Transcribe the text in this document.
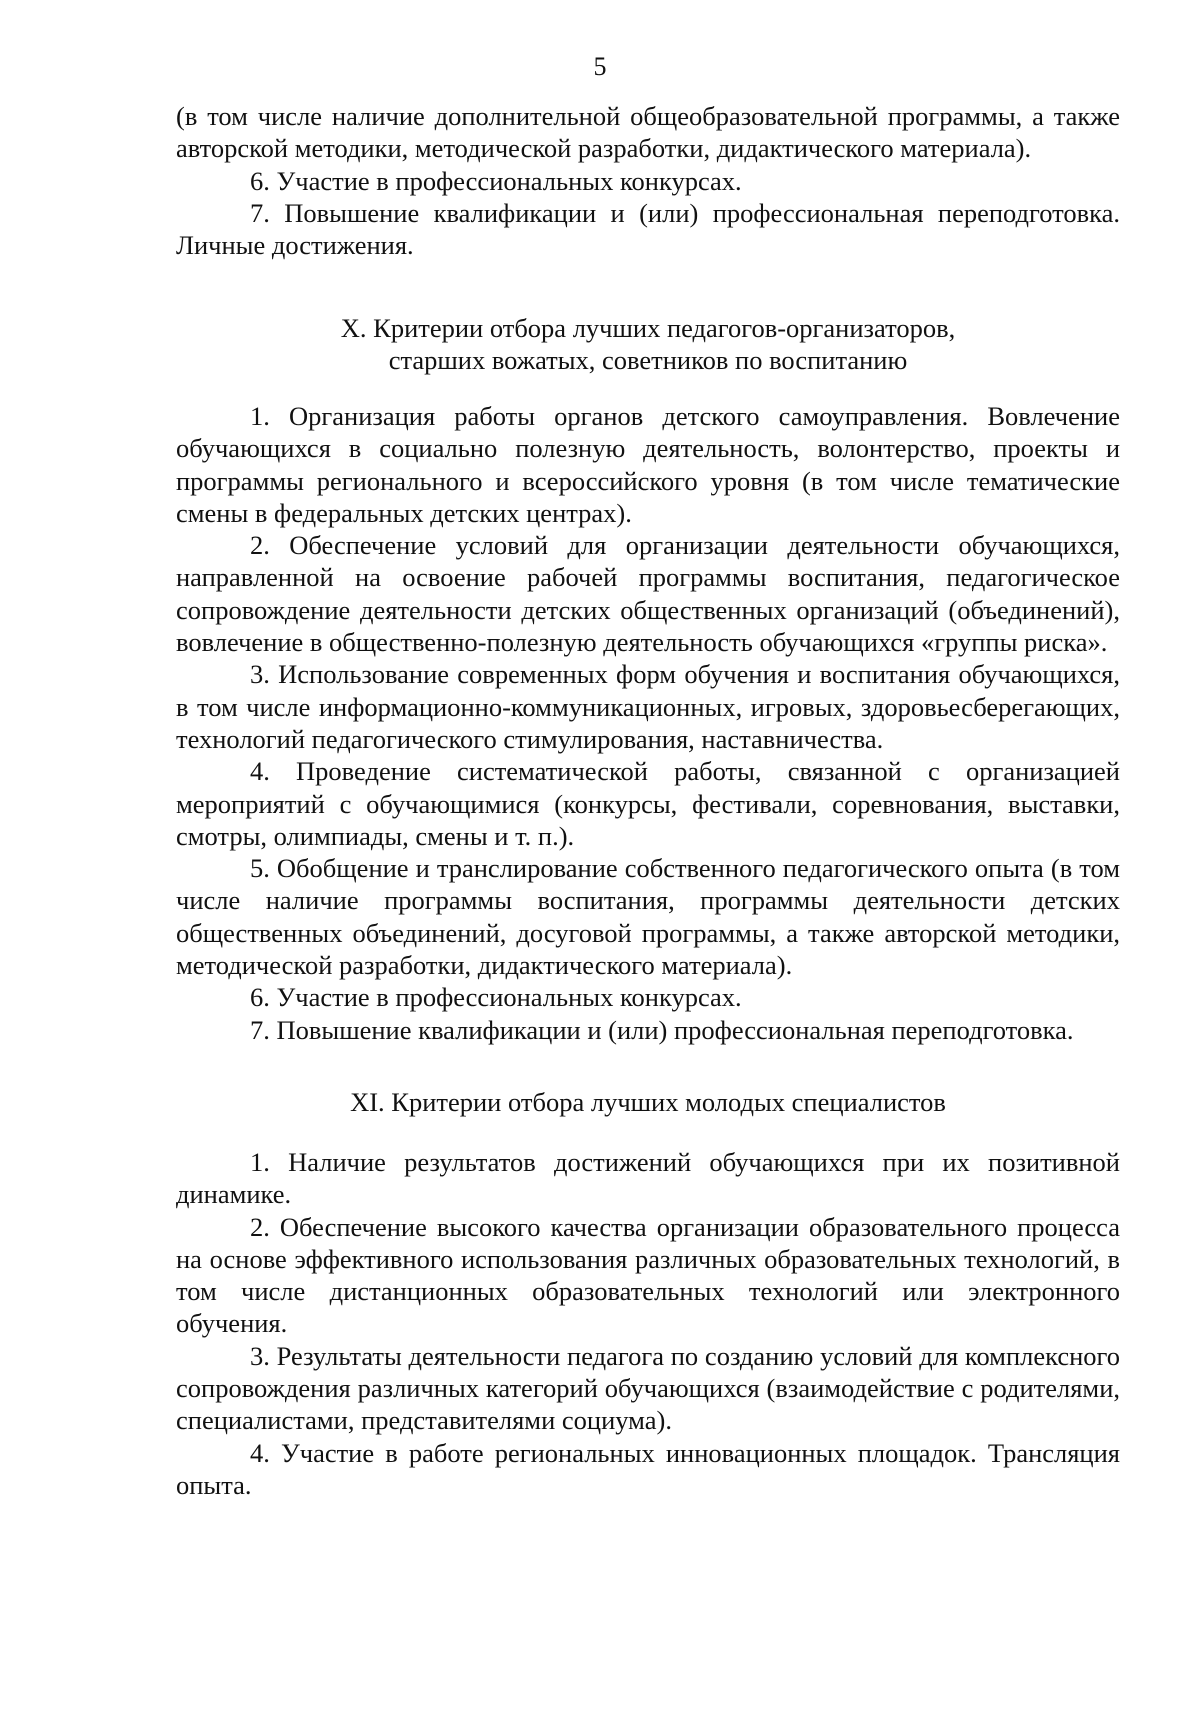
5

(в том числе наличие дополнительной общеобразовательной программы, а также авторской методики, методической разработки, дидактического материала).

6. Участие в профессиональных конкурсах.

7. Повышение квалификации и (или) профессиональная переподготовка. Личные достижения.

X. Критерии отбора лучших педагогов-организаторов,

старших вожатых, советников по воспитанию

1. Организация работы органов детского самоуправления. Вовлечение обучающихся в социально полезную деятельность, волонтерство, проекты и программы регионального и всероссийского уровня (в том числе тематические смены в федеральных детских центрах).

2. Обеспечение условий для организации деятельности обучающихся, направленной на освоение рабочей программы воспитания, педагогическое сопровождение деятельности детских общественных организаций (объединений), вовлечение в общественно-полезную деятельность обучающихся «группы риска».

3. Использование современных форм обучения и воспитания обучающихся, в том числе информационно-коммуникационных, игровых, здоровьесберегающих, технологий педагогического стимулирования, наставничества.

4. Проведение систематической работы, связанной с организацией мероприятий с обучающимися (конкурсы, фестивали, соревнования, выставки, смотры, олимпиады, смены и т. п.).

5. Обобщение и транслирование собственного педагогического опыта (в том числе наличие программы воспитания, программы деятельности детских общественных объединений, досуговой программы, а также авторской методики, методической разработки, дидактического материала).

6. Участие в профессиональных конкурсах.

7. Повышение квалификации и (или) профессиональная переподготовка.

XI. Критерии отбора лучших молодых специалистов

1. Наличие результатов достижений обучающихся при их позитивной динамике.

2. Обеспечение высокого качества организации образовательного процесса на основе эффективного использования различных образовательных технологий, в том числе дистанционных образовательных технологий или электронного обучения.

3. Результаты деятельности педагога по созданию условий для комплексного сопровождения различных категорий обучающихся (взаимодействие с родителями, специалистами, представителями социума).

4. Участие в работе региональных инновационных площадок. Трансляция опыта.
